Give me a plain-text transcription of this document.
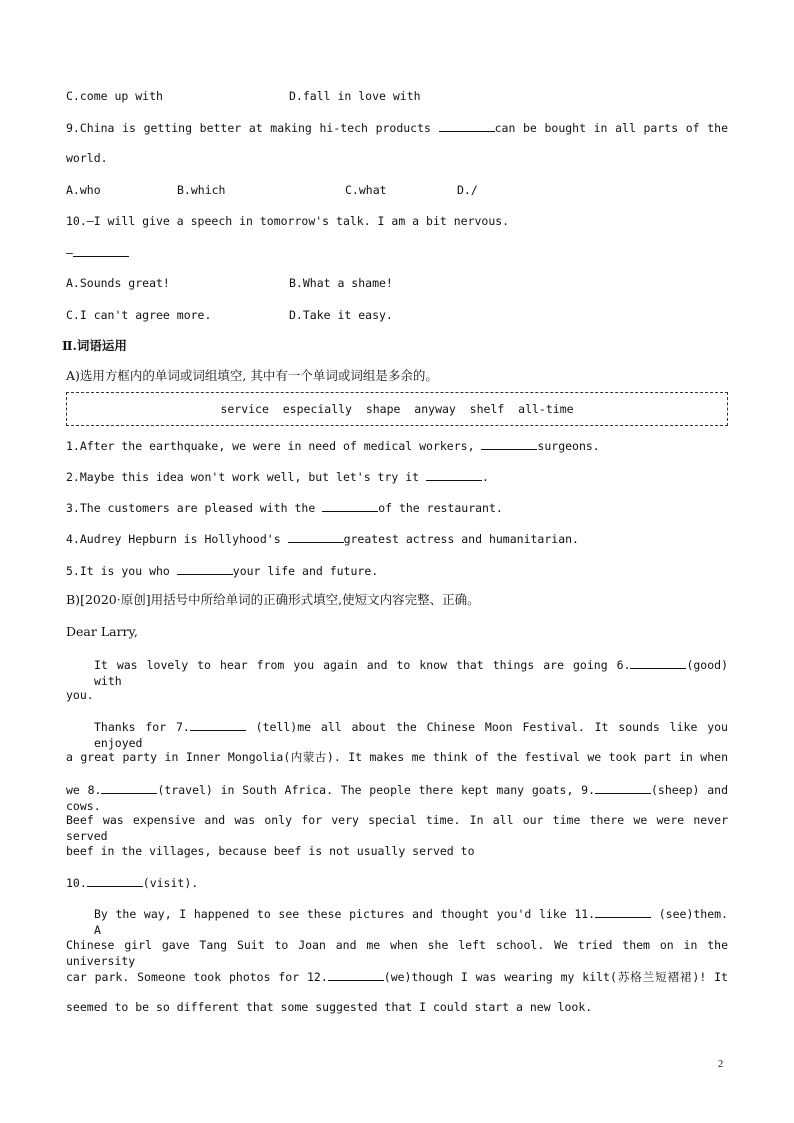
C.come up with	D.fall in love with
9.China is getting better at making hi-tech products	can be bought in all parts of the
world.
A.who	B.which	C.what	D./
10.—I will give a speech in tomorrow's talk. I am a bit nervous.
—
A.Sounds great!	B.What a shame!
C.I can't agree more.	D.Take it easy.
Ⅱ.词语运用
A)选用方框内的单词或词组填空, 其中有一个单词或词组是多余的。
service  especially  shape  anyway  shelf  all-time
1.After the earthquake, we were in need of medical workers,	surgeons.
2.Maybe this idea won't work well, but let's try it	.
3.The customers are pleased with the	of the restaurant.
4.Audrey Hepburn is Hollyhood's	greatest actress and humanitarian.
5.It is you who	your life and future.
B)[2020·原创]用括号中所给单词的正确形式填空,使短文内容完整、正确。
Dear Larry,
It was lovely to hear from you again and to know that things are going 6.	(good) with
you.
Thanks for 7.	(tell)me all about the Chinese Moon Festival. It sounds like you enjoyed
a great party in Inner Mongolia(内蒙古). It makes me think of the festival we took part in when
we 8.	(travel) in South Africa. The people there kept many goats, 9.	(sheep) and cows.
Beef was expensive and was only for very special time. In all our time there we were never served
beef in the villages, because beef is not usually served to
10.	(visit).
By the way, I happened to see these pictures and thought you'd like 11.	(see)them. A
Chinese girl gave Tang Suit to Joan and me when she left school. We tried them on in the university
car park. Someone took photos for 12.	(we)though I was wearing my kilt(苏格兰短褶裙)! It
seemed to be so different that some suggested that I could start a new look.
2
